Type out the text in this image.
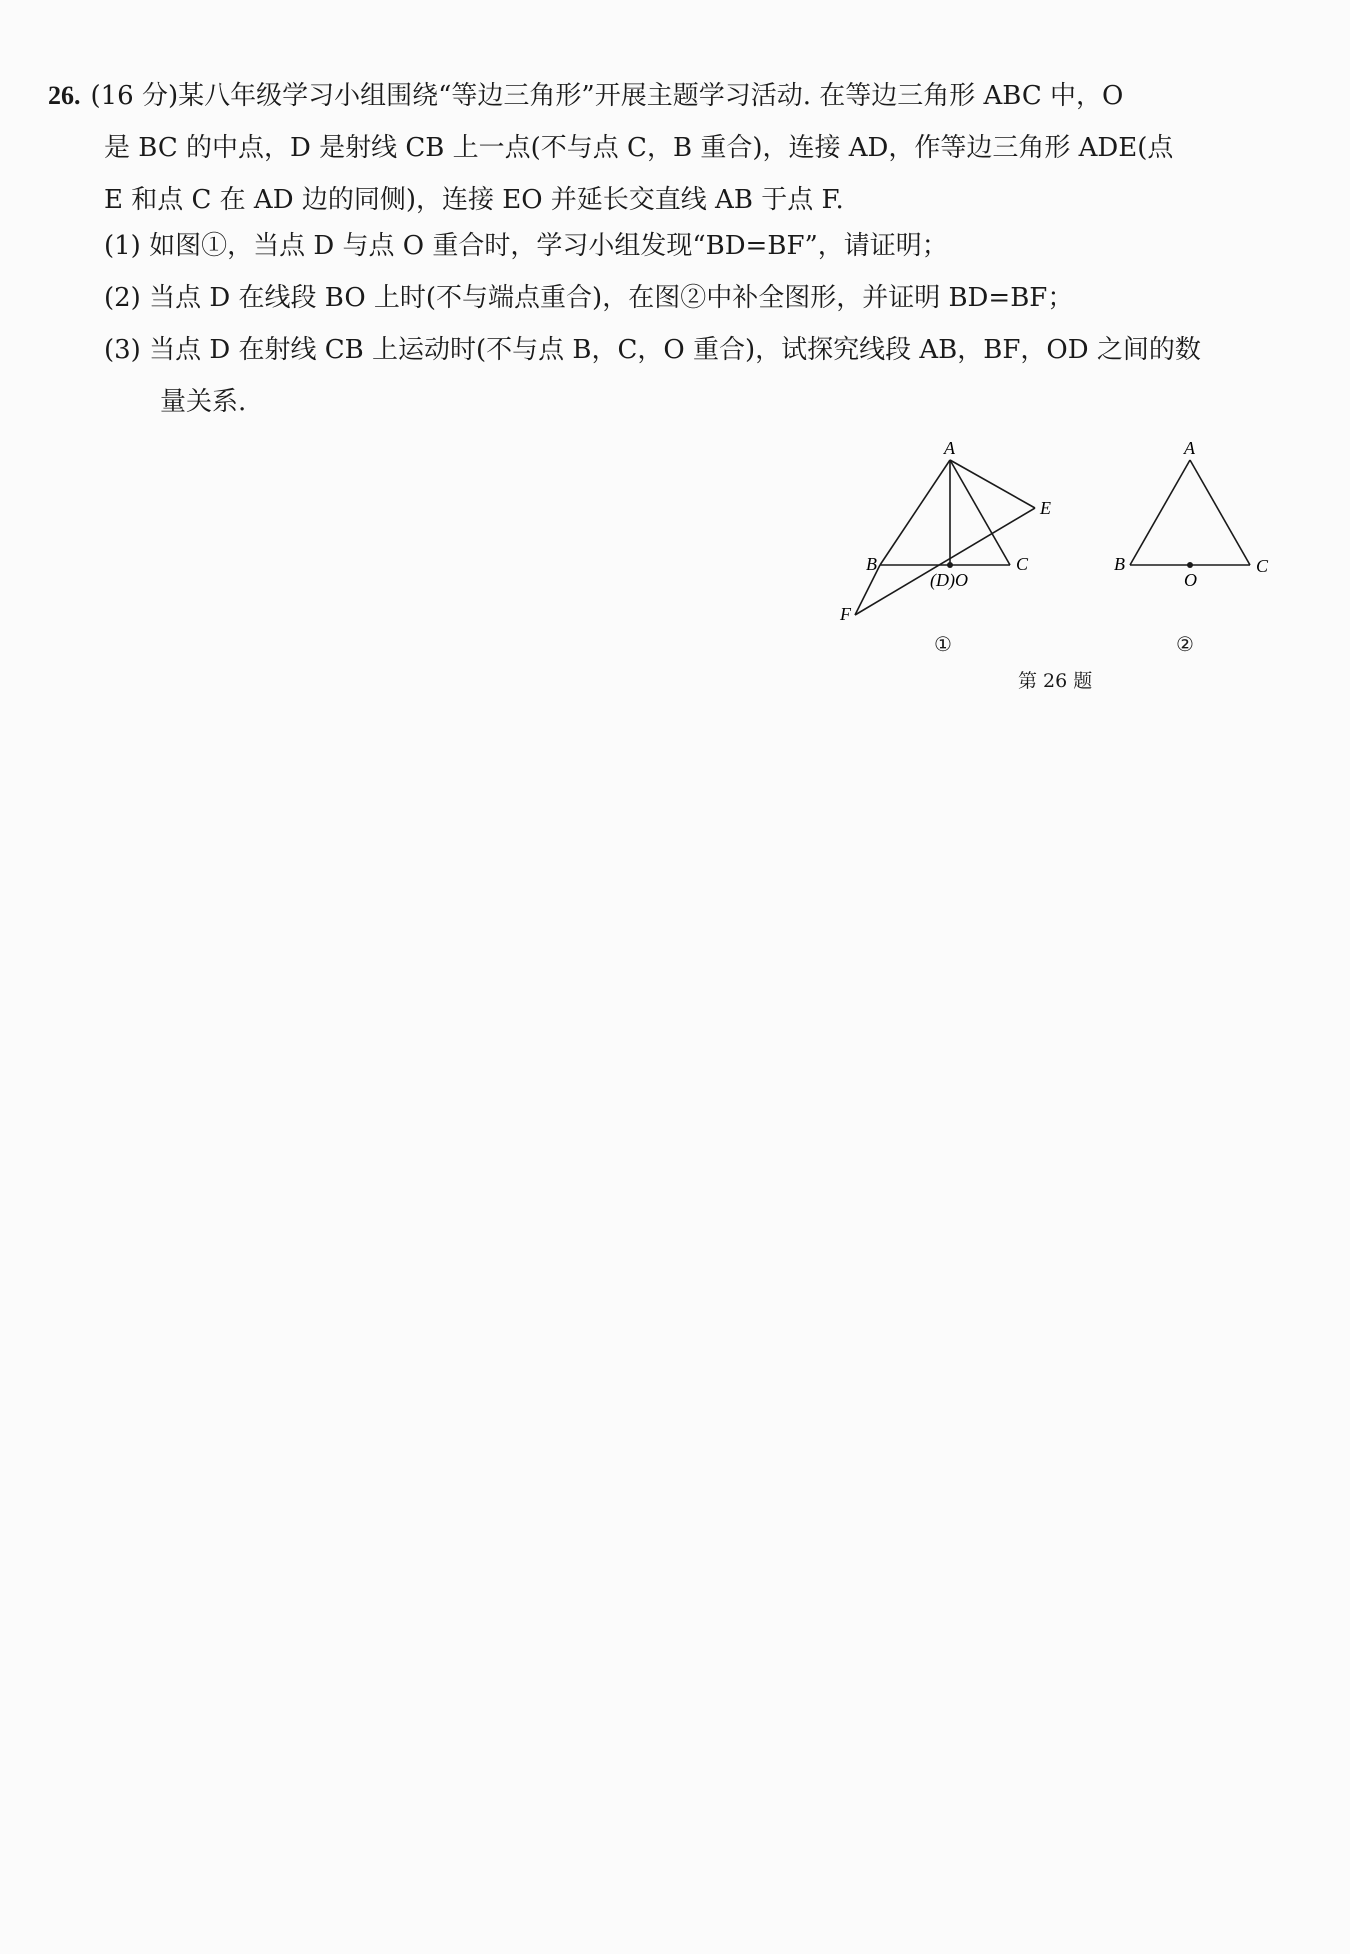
26. (16 分)某八年级学习小组围绕“等边三角形”开展主题学习活动. 在等边三角形 ABC 中，O
是 BC 的中点，D 是射线 CB 上一点(不与点 C，B 重合)，连接 AD，作等边三角形 ADE(点
E 和点 C 在 AD 边的同侧)，连接 EO 并延长交直线 AB 于点 F.
(1) 如图①，当点 D 与点 O 重合时，学习小组发现“BD=BF”，请证明；
(2) 当点 D 在线段 BO 上时(不与端点重合)，在图②中补全图形，并证明 BD=BF；
(3) 当点 D 在射线 CB 上运动时(不与点 B，C，O 重合)，试探究线段 AB，BF，OD 之间的数
量关系.
A
B	C
E
F
(D)O
①
A
B	C
O
②
第 26 题
